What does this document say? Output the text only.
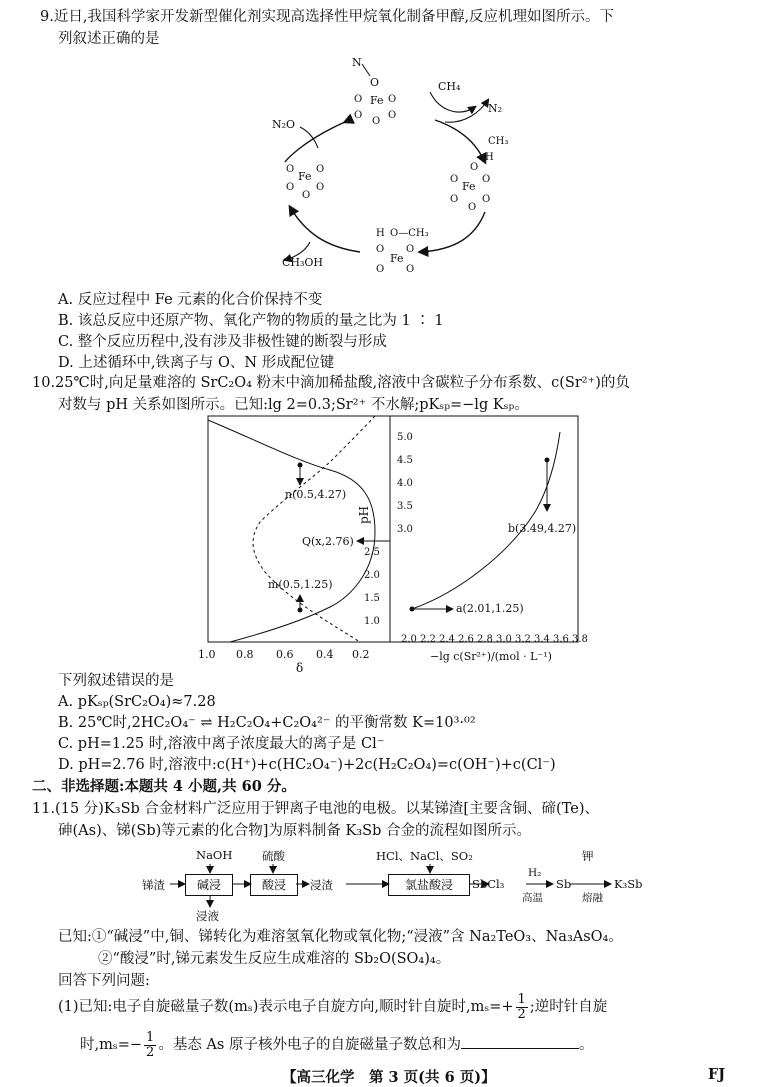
9.近日,我国科学家开发新型催化剂实现高选择性甲烷氧化制备甲醇,反应机理如图所示。下
列叙述正确的是
N
O
Fe
O	O
O	O
O
CH₄
N₂
N₂O
CH₃
H
O
Fe
O O
O O
O
Fe
O O
O O
O
H O—CH₃
Fe
O O
O O
CH₃OH
A. 反应过程中 Fe 元素的化合价保持不变
B. 该总反应中还原产物、氧化产物的物质的量之比为 1 ∶ 1
C. 整个反应历程中,没有涉及非极性键的断裂与形成
D. 上述循环中,铁离子与 O、N 形成配位键
10.25℃时,向足量难溶的 SrC₂O₄ 粉末中滴加稀盐酸,溶液中含碳粒子分布系数、c(Sr²⁺)的负
对数与 pH 关系如图所示。已知:lg 2=0.3;Sr²⁺ 不水解;pKₛₚ=−lg Kₛₚ。
n(0.5,4.27)
m(0.5,1.25)
Q(x,2.76)
1.0 0.8 0.6 0.4 0.2
δ
1.0
1.5
2.0
2.5
3.0
3.5
4.0
4.5
5.0
pH
a(2.01,1.25)
b(3.49,4.27)
2.0 2.2 2.4 2.6 2.8 3.0 3.2 3.4 3.6 3.8
−lg c(Sr²⁺)/(mol · L⁻¹)
下列叙述错误的是
A. pKₛₚ(SrC₂O₄)≈7.28
B. 25℃时,2HC₂O₄⁻ ⇌ H₂C₂O₄+C₂O₄²⁻ 的平衡常数 K=10³·⁰²
C. pH=1.25 时,溶液中离子浓度最大的离子是 Cl⁻
D. pH=2.76 时,溶液中:c(H⁺)+c(HC₂O₄⁻)+2c(H₂C₂O₄)=c(OH⁻)+c(Cl⁻)
二、非选择题:本题共 4 小题,共 60 分。
11.(15 分)K₃Sb 合金材料广泛应用于钾离子电池的电极。以某锑渣[主要含铜、碲(Te)、
砷(As)、锑(Sb)等元素的化合物]为原料制备 K₃Sb 合金的流程如图所示。
NaOH	硫酸	HCl、NaCl、SO₂	钾
锑渣	碱浸	酸浸	浸渣	氯盐酸浸	SbCl₃
H₂
高温
Sb
熔融
K₃Sb
浸液
已知:①“碱浸”中,铜、锑转化为难溶氢氧化物或氧化物;“浸液”含 Na₂TeO₃、Na₃AsO₄。
②“酸浸”时,锑元素发生反应生成难溶的 Sb₂O(SO₄)₄。
回答下列问题:
(1)已知:电子自旋磁量子数(mₛ)表示电子自旋方向,顺时针自旋时$,m_s=+ \frac{1}{2}$ ;逆时针自旋
时$,m_s=- \frac{1}{2}$ 。基态 As 原子核外电子的自旋磁量子数总和为	。
【高三化学　第 3 页(共 6 页)】	FJ
